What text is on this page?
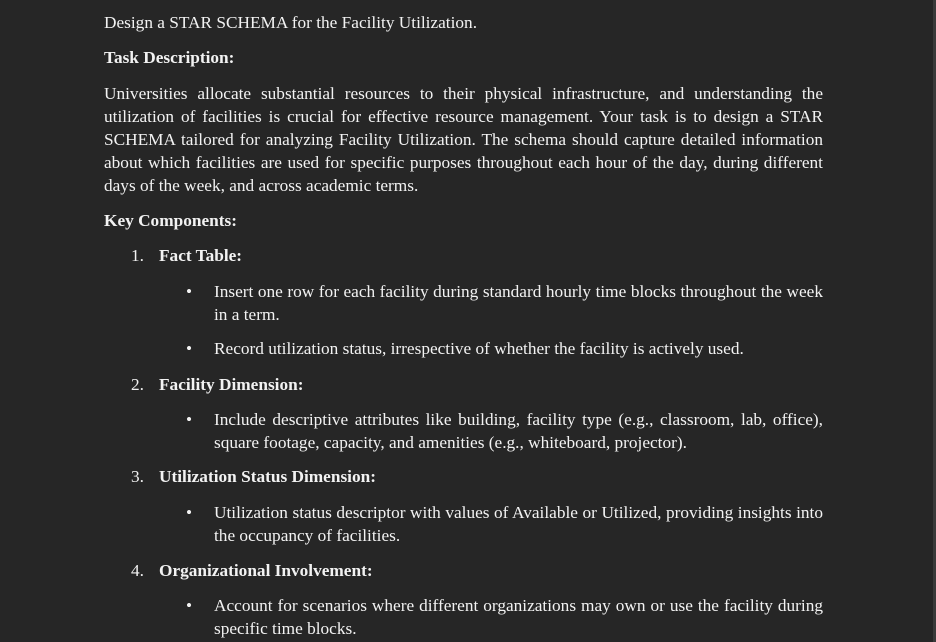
Design a STAR SCHEMA for the Facility Utilization.

Task Description:

Universities allocate substantial resources to their physical infrastructure, and understanding the utilization of facilities is crucial for effective resource management. Your task is to design a STAR SCHEMA tailored for analyzing Facility Utilization. The schema should capture detailed information about which facilities are used for specific purposes throughout each hour of the day, during different days of the week, and across academic terms.

Key Components:

1. Fact Table:

• Insert one row for each facility during standard hourly time blocks throughout the week in a term.

• Record utilization status, irrespective of whether the facility is actively used.

2. Facility Dimension:

• Include descriptive attributes like building, facility type (e.g., classroom, lab, office), square footage, capacity, and amenities (e.g., whiteboard, projector).

3. Utilization Status Dimension:

• Utilization status descriptor with values of Available or Utilized, providing insights into the occupancy of facilities.

4. Organizational Involvement:

• Account for scenarios where different organizations may own or use the facility during specific time blocks.
